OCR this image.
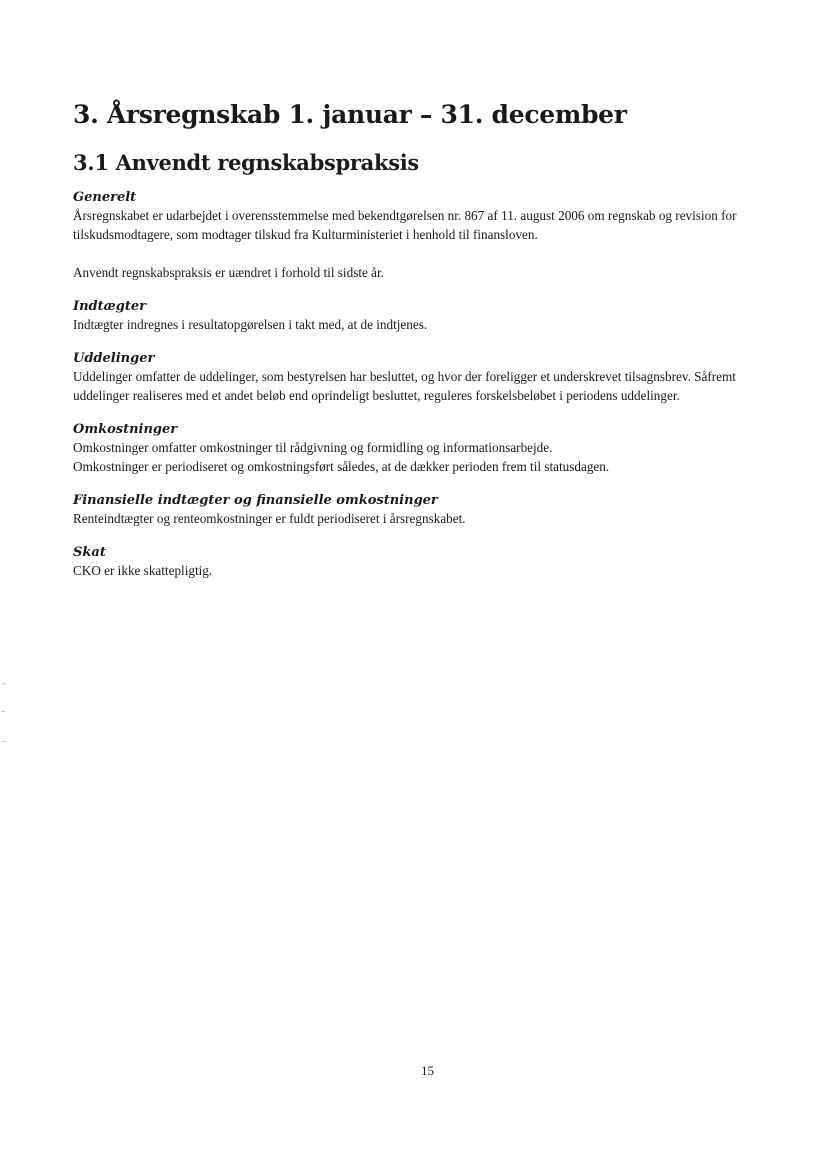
3. Årsregnskab 1. januar – 31. december
3.1 Anvendt regnskabspraksis

Generelt

Årsregnskabet er udarbejdet i overensstemmelse med bekendtgørelsen nr. 867 af 11. august 2006 om regnskab og revision for tilskudsmodtagere, som modtager tilskud fra Kulturministeriet i henhold til finansloven.

Anvendt regnskabspraksis er uændret i forhold til sidste år.

Indtægter

Indtægter indregnes i resultatopgørelsen i takt med, at de indtjenes.

Uddelinger

Uddelinger omfatter de uddelinger, som bestyrelsen har besluttet, og hvor der foreligger et underskrevet tilsagnsbrev. Såfremt uddelinger realiseres med et andet beløb end oprindeligt besluttet, reguleres forskelsbeløbet i periodens uddelinger.

Omkostninger

Omkostninger omfatter omkostninger til rådgivning og formidling og informationsarbejde.

Omkostninger er periodiseret og omkostningsført således, at de dækker perioden frem til statusdagen.

Finansielle indtægter og finansielle omkostninger

Renteindtægter og renteomkostninger er fuldt periodiseret i årsregnskabet.

Skat

CKO er ikke skattepligtig.

15
